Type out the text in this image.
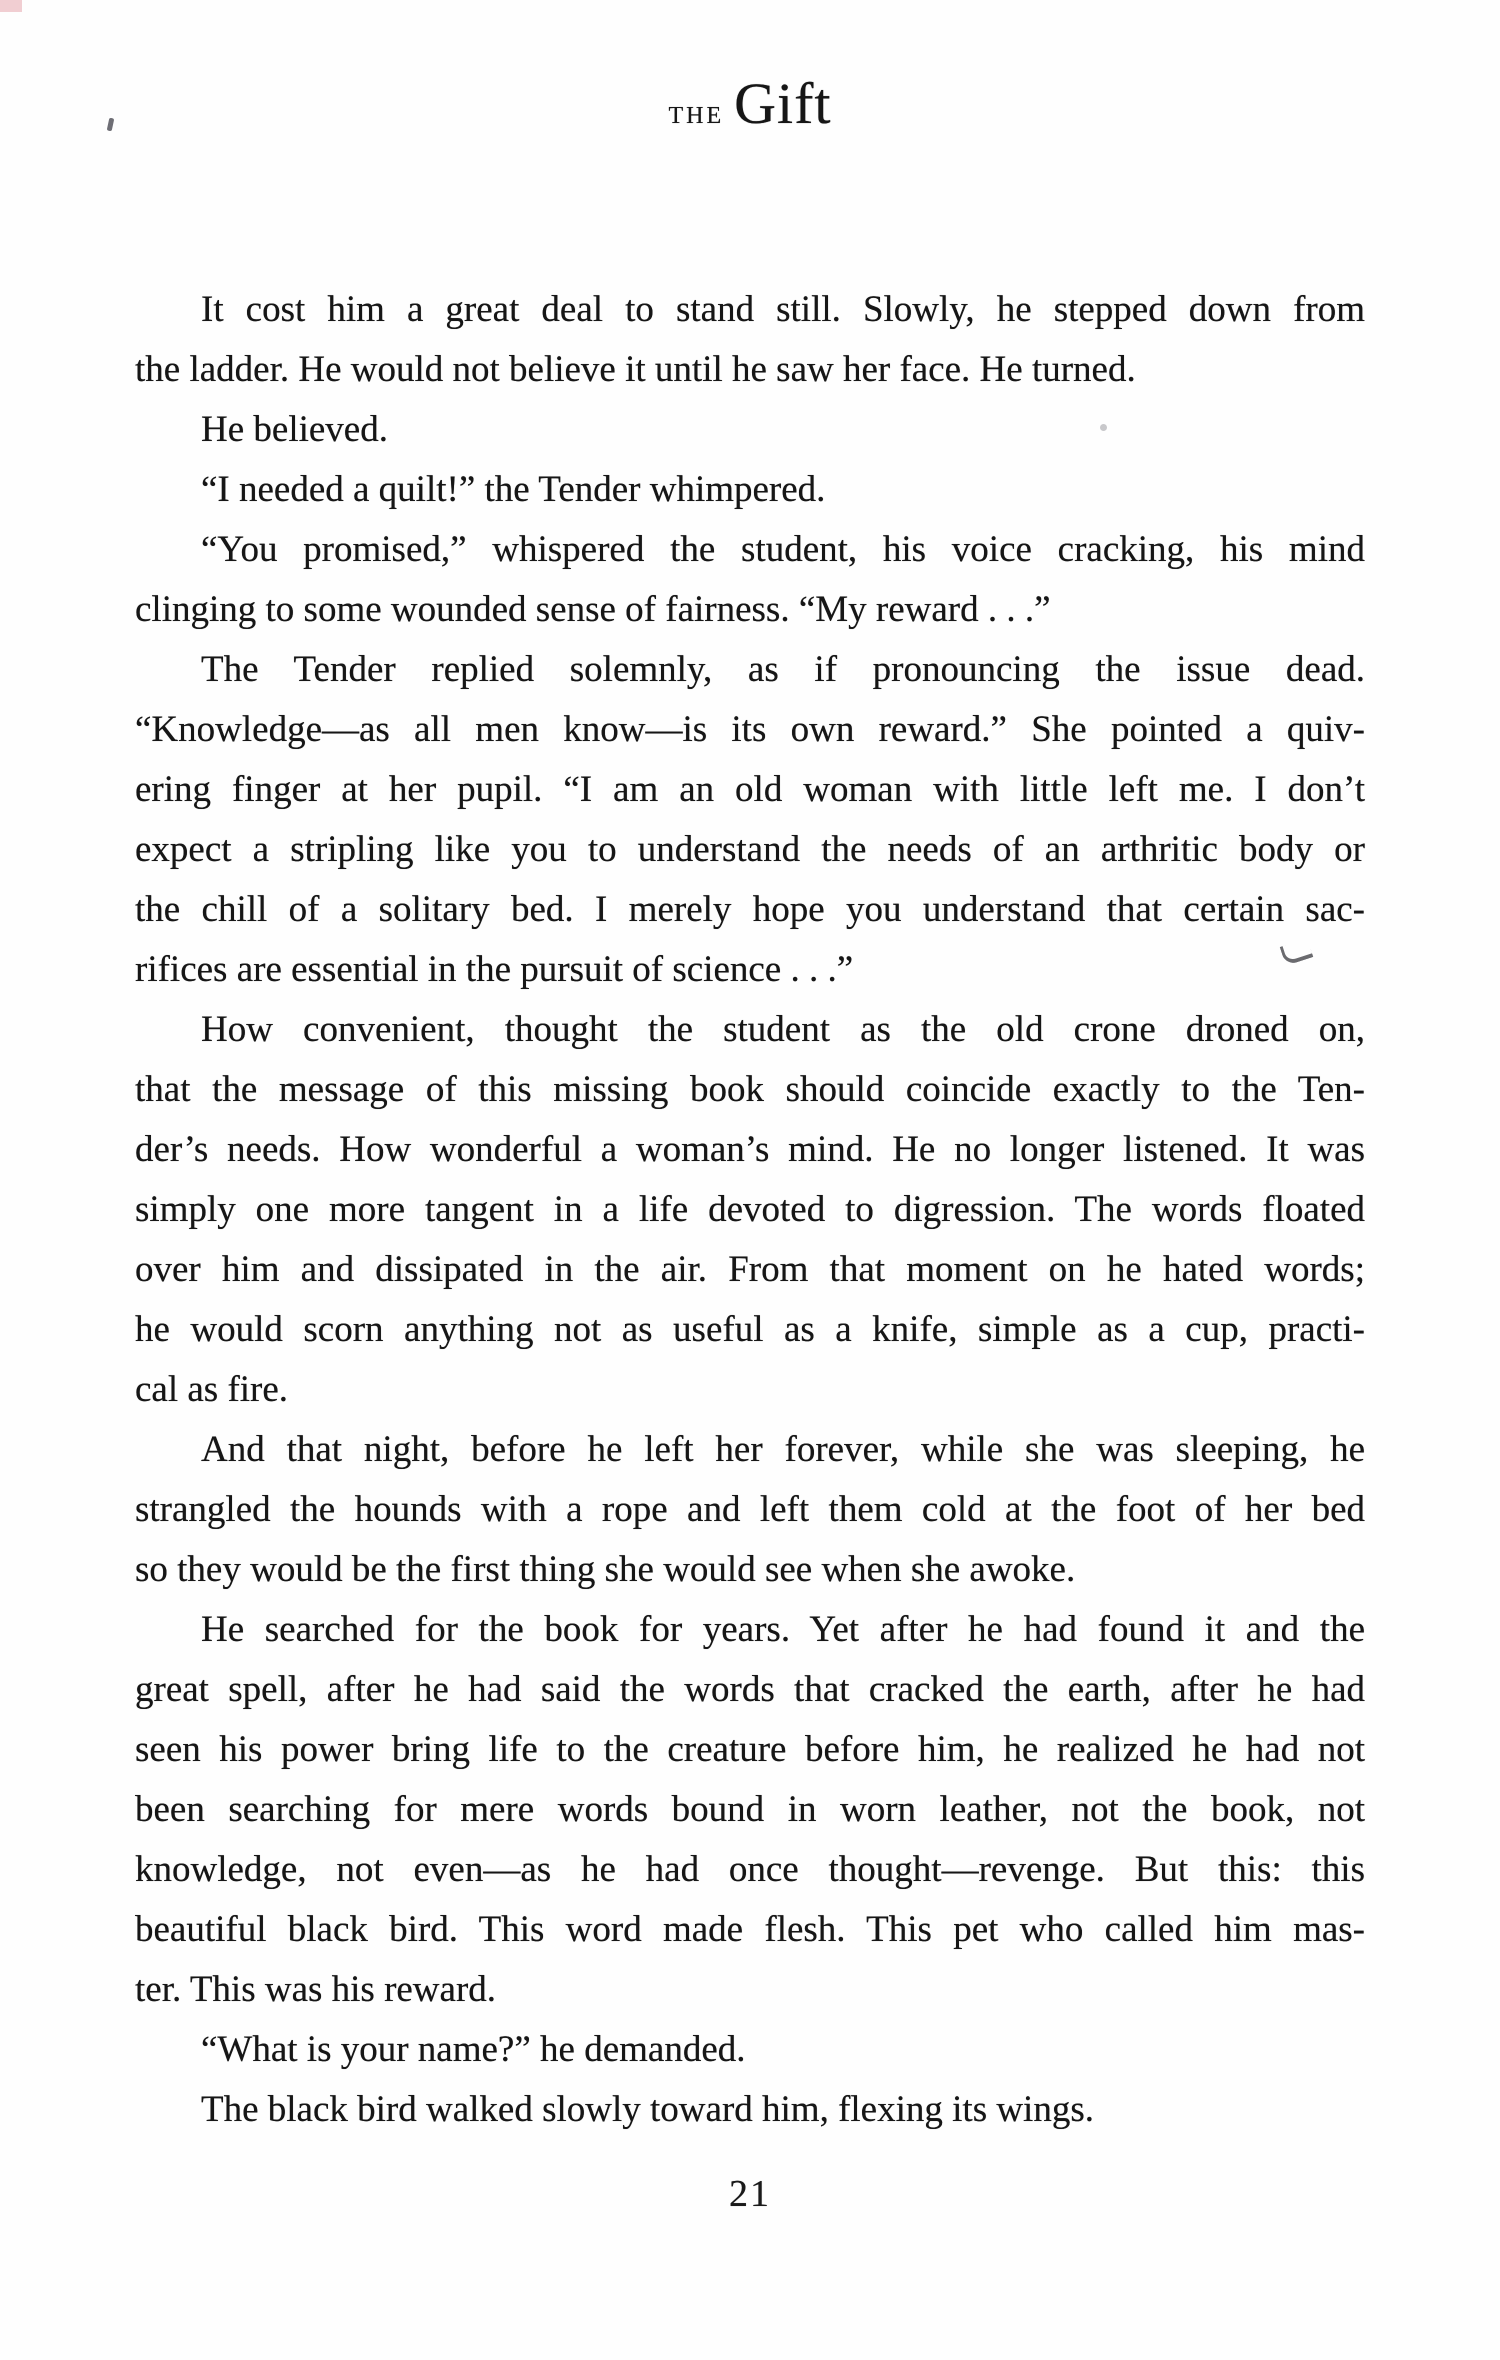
the Gift
It cost him a great deal to stand still. Slowly, he stepped down from
the ladder. He would not believe it until he saw her face. He turned.
He believed.
“I needed a quilt!” the Tender whimpered.
“You promised,” whispered the student, his voice cracking, his mind
clinging to some wounded sense of fairness. “My reward . . .”
The Tender replied solemnly, as if pronouncing the issue dead.
“Knowledge—as all men know—is its own reward.” She pointed a quiv-
ering finger at her pupil. “I am an old woman with little left me. I don’t
expect a stripling like you to understand the needs of an arthritic body or
the chill of a solitary bed. I merely hope you understand that certain sac-
rifices are essential in the pursuit of science . . .”
How convenient, thought the student as the old crone droned on,
that the message of this missing book should coincide exactly to the Ten-
der’s needs. How wonderful a woman’s mind. He no longer listened. It was
simply one more tangent in a life devoted to digression. The words floated
over him and dissipated in the air. From that moment on he hated words;
he would scorn anything not as useful as a knife, simple as a cup, practi-
cal as fire.
And that night, before he left her forever, while she was sleeping, he
strangled the hounds with a rope and left them cold at the foot of her bed
so they would be the first thing she would see when she awoke.
He searched for the book for years. Yet after he had found it and the
great spell, after he had said the words that cracked the earth, after he had
seen his power bring life to the creature before him, he realized he had not
been searching for mere words bound in worn leather, not the book, not
knowledge, not even—as he had once thought—revenge. But this: this
beautiful black bird. This word made flesh. This pet who called him mas-
ter. This was his reward.
“What is your name?” he demanded.
The black bird walked slowly toward him, flexing its wings.
21
